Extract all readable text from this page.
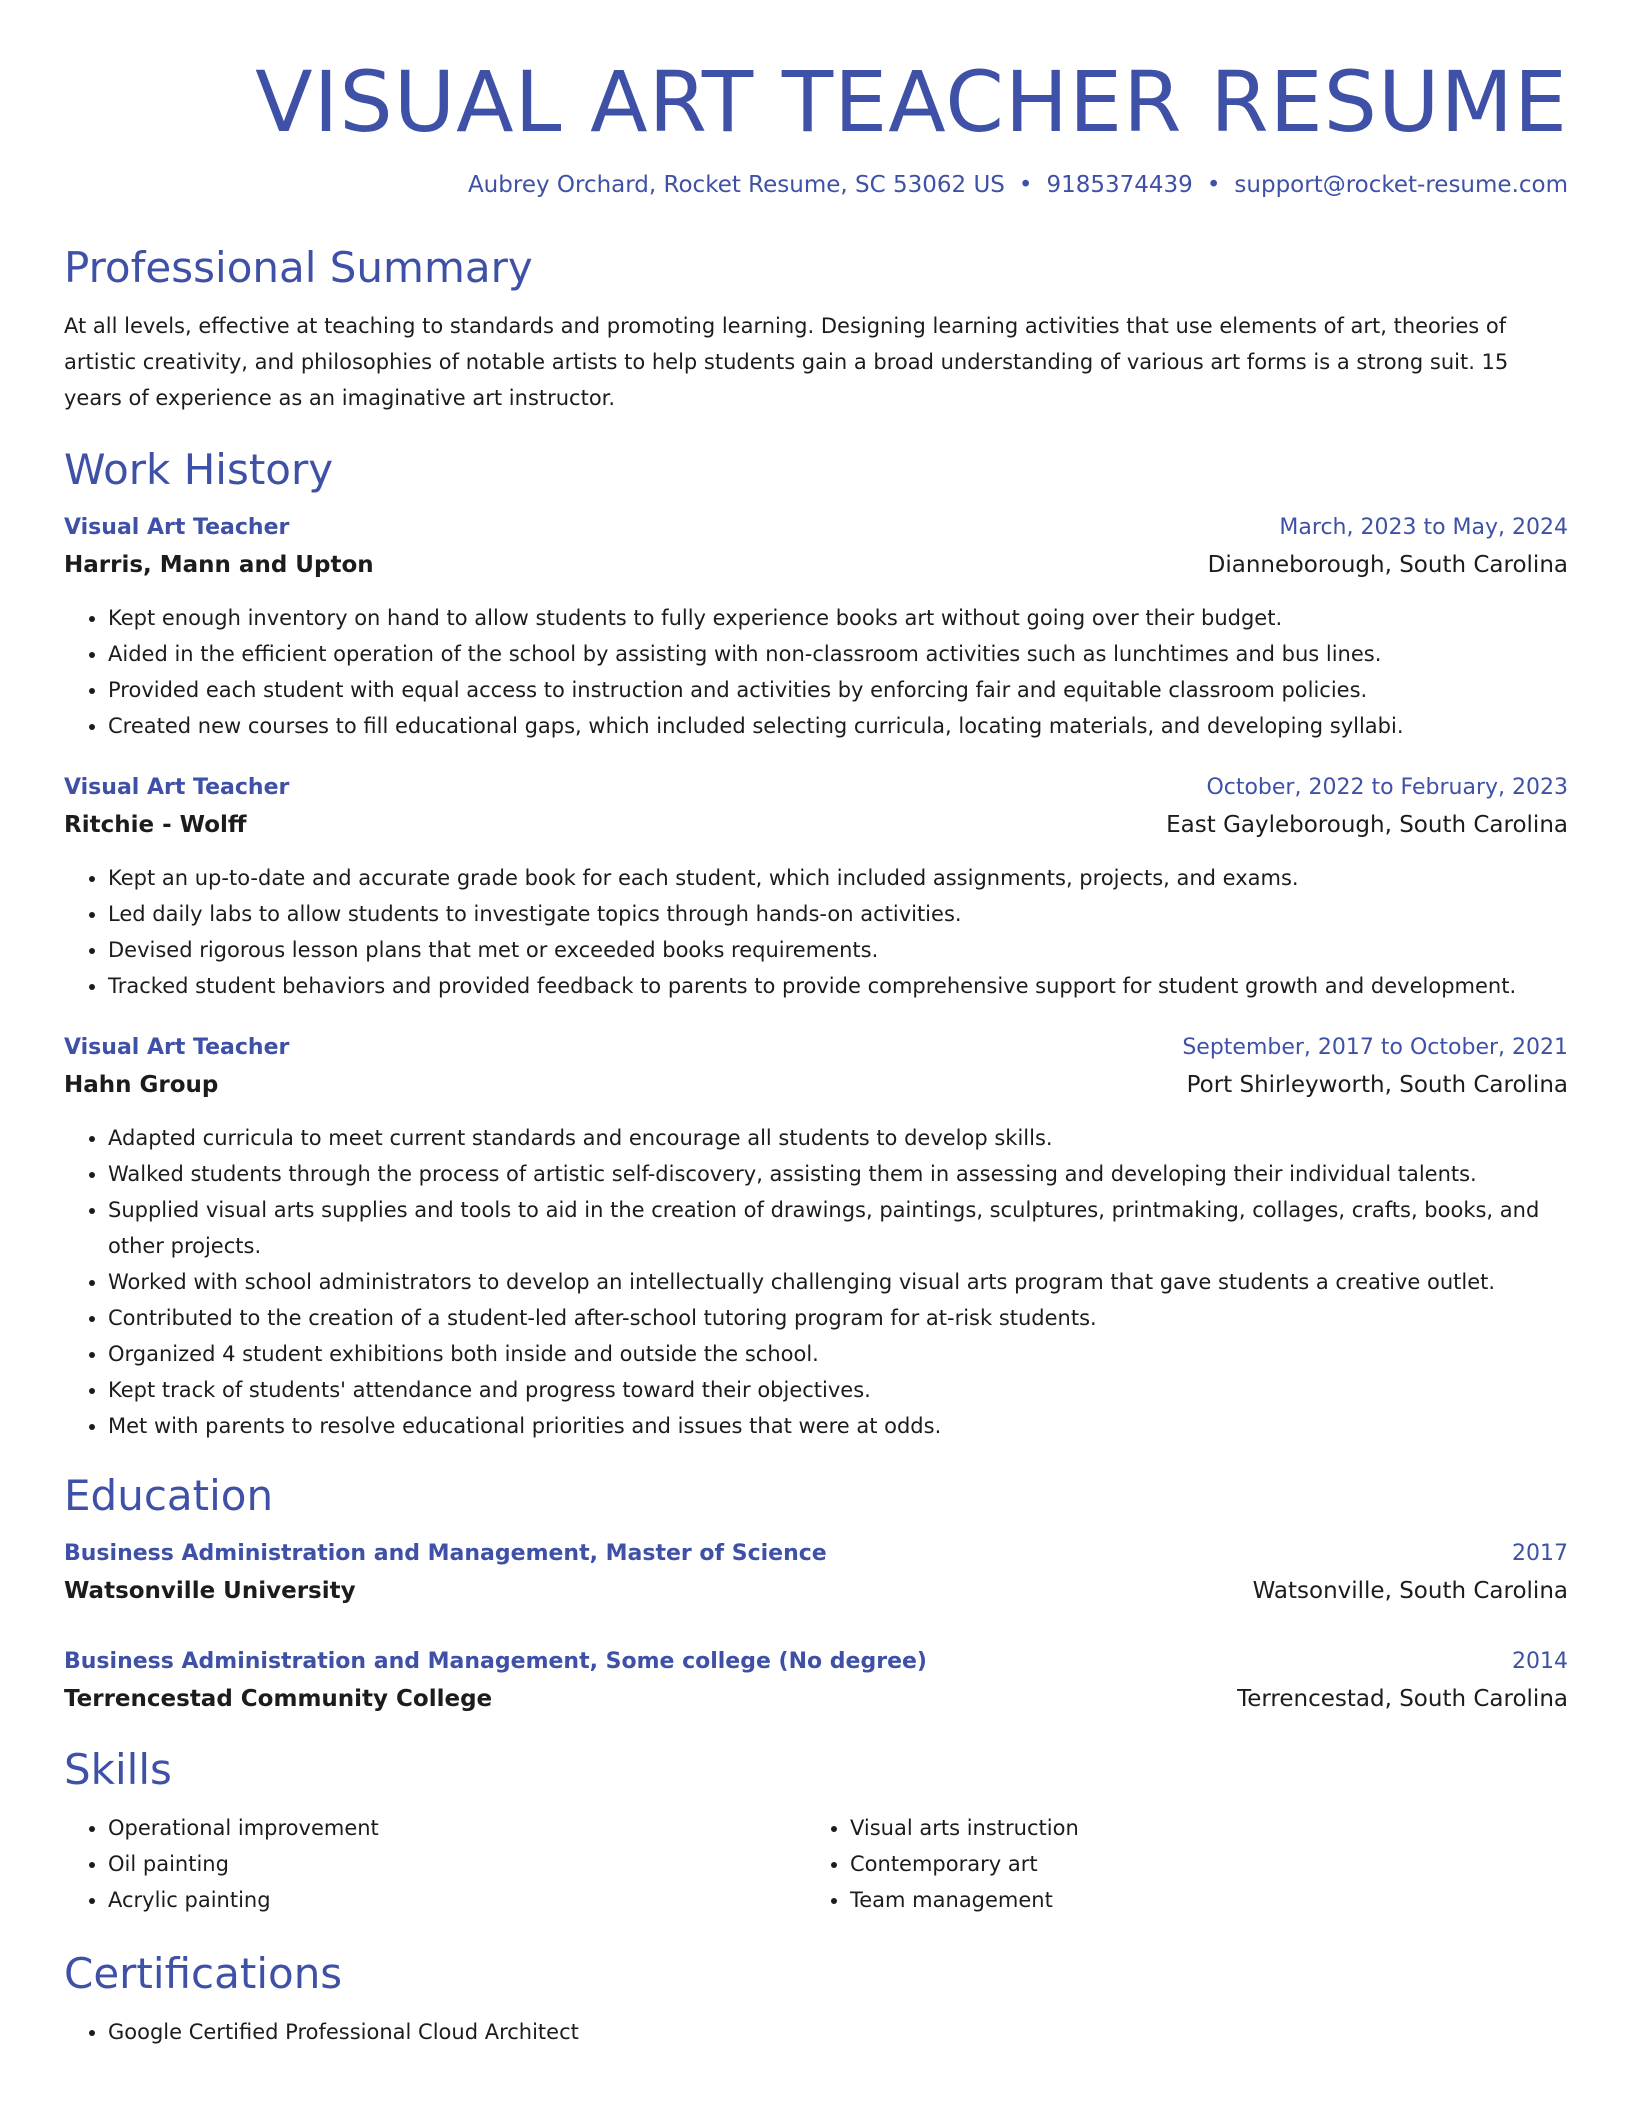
VISUAL ART TEACHER RESUME
Aubrey Orchard, Rocket Resume, SC 53062 US • 9185374439 • support@rocket-resume.com
Professional Summary

At all levels, effective at teaching to standards and promoting learning. Designing learning activities that use elements of art, theories of artistic creativity, and philosophies of notable artists to help students gain a broad understanding of various art forms is a strong suit. 15 years of experience as an imaginative art instructor.

Work History
Visual Art Teacher	March, 2023 to May, 2024
Harris, Mann and Upton	Dianneborough, South Carolina
• Kept enough inventory on hand to allow students to fully experience books art without going over their budget.
• Aided in the efficient operation of the school by assisting with non-classroom activities such as lunchtimes and bus lines.
• Provided each student with equal access to instruction and activities by enforcing fair and equitable classroom policies.
• Created new courses to fill educational gaps, which included selecting curricula, locating materials, and developing syllabi.
Visual Art Teacher	October, 2022 to February, 2023
Ritchie - Wolff	East Gayleborough, South Carolina
• Kept an up-to-date and accurate grade book for each student, which included assignments, projects, and exams.
• Led daily labs to allow students to investigate topics through hands-on activities.
• Devised rigorous lesson plans that met or exceeded books requirements.
• Tracked student behaviors and provided feedback to parents to provide comprehensive support for student growth and development.
Visual Art Teacher	September, 2017 to October, 2021
Hahn Group	Port Shirleyworth, South Carolina
• Adapted curricula to meet current standards and encourage all students to develop skills.
• Walked students through the process of artistic self-discovery, assisting them in assessing and developing their individual talents.
• Supplied visual arts supplies and tools to aid in the creation of drawings, paintings, sculptures, printmaking, collages, crafts, books, and other projects.
• Worked with school administrators to develop an intellectually challenging visual arts program that gave students a creative outlet.
• Contributed to the creation of a student-led after-school tutoring program for at-risk students.
• Organized 4 student exhibitions both inside and outside the school.
• Kept track of students' attendance and progress toward their objectives.
• Met with parents to resolve educational priorities and issues that were at odds.
Education
Business Administration and Management, Master of Science	2017
Watsonville University	Watsonville, South Carolina
Business Administration and Management, Some college (No degree)	2014
Terrencestad Community College	Terrencestad, South Carolina
Skills
• Operational improvement
• Oil painting
• Acrylic painting
• Visual arts instruction
• Contemporary art
• Team management
Certifications
• Google Certified Professional Cloud Architect
